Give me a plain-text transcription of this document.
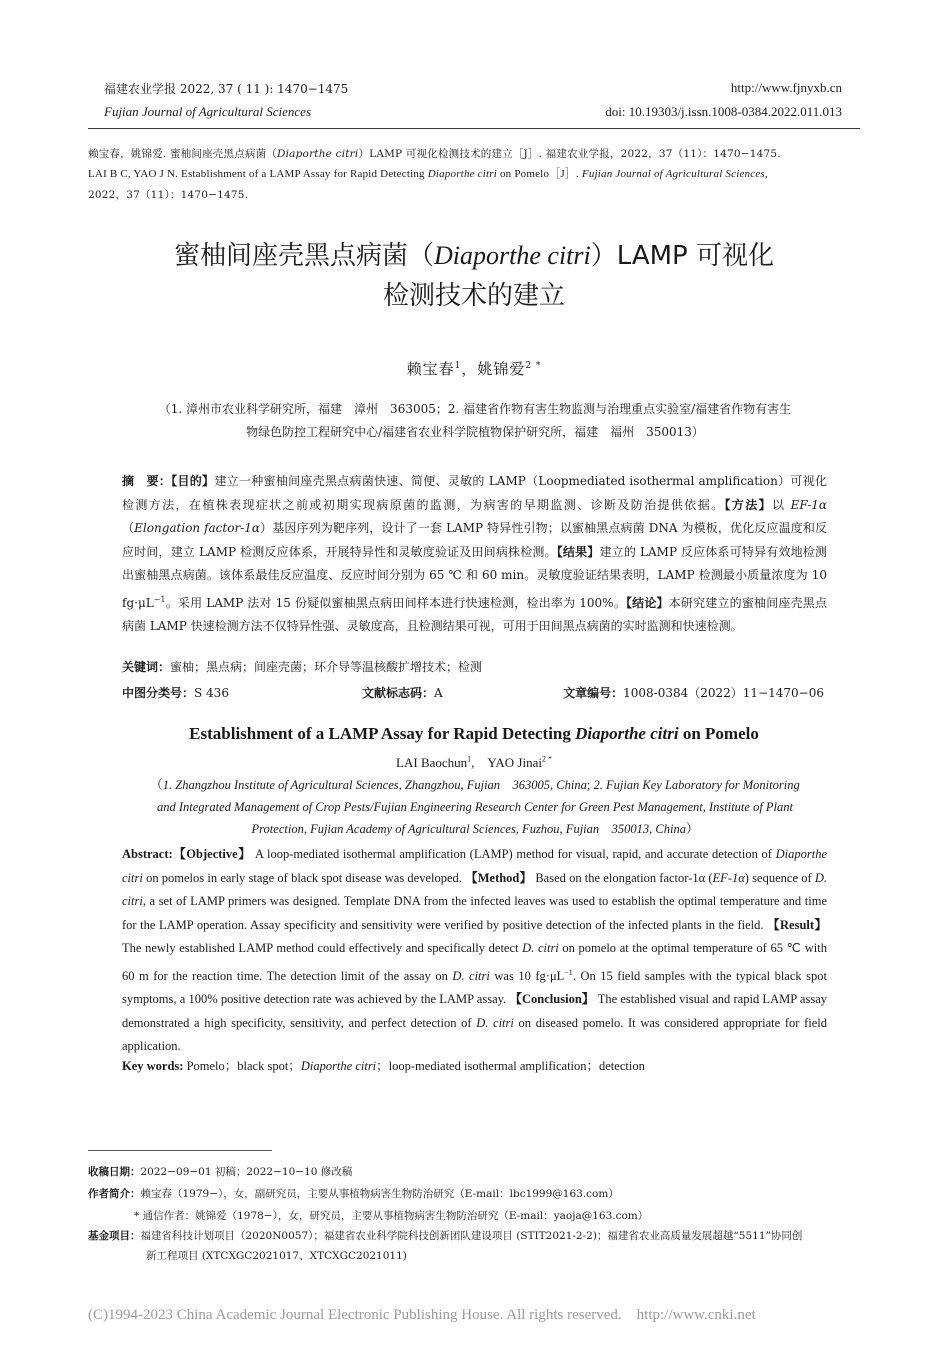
福建农业学报 2022, 37 ( 11 ): 1470−1475
Fujian Journal of Agricultural Sciences
http://www.fjnyxb.cn
doi: 10.19303/j.issn.1008-0384.2022.011.013
赖宝春，姚锦爱. 蜜柚间座壳黑点病菌（Diaporthe citri）LAMP 可视化检测技术的建立［J］. 福建农业学报，2022，37（11）：1470−1475.
LAI B C, YAO J N. Establishment of a LAMP Assay for Rapid Detecting Diaporthe citri on Pomelo［J］. Fujian Journal of Agricultural Sciences,
2022，37（11）：1470−1475.
蜜柚间座壳黑点病菌（Diaporthe citri）LAMP 可视化
检测技术的建立
赖宝春$^1$，姚锦爱$^{2 *}$
（1. 漳州市农业科学研究所，福建　漳州　363005；2. 福建省作物有害生物监测与治理重点实验室/福建省作物有害生
物绿色防控工程研究中心/福建省农业科学院植物保护研究所，福建　福州　350013）
摘　要：【目的】建立一种蜜柚间座壳黑点病菌快速、简便、灵敏的 LAMP（Loopmediated isothermal amplification）可视化检测方法，在植株表现症状之前或初期实现病原菌的监测，为病害的早期监测、诊断及防治提供依据。【方法】以 EF-1α（Elongation factor-1α）基因序列为靶序列，设计了一套 LAMP 特异性引物；以蜜柚黑点病菌 DNA 为模板，优化反应温度和反应时间，建立 LAMP 检测反应体系，开展特异性和灵敏度验证及田间病株检测。【结果】建立的 LAMP 反应体系可特异有效地检测出蜜柚黑点病菌。该体系最佳反应温度、反应时间分别为 65 ℃ 和 60 min。灵敏度验证结果表明，LAMP 检测最小质量浓度为 10 $fg\cdot\mu L^{-1}$。采用 LAMP 法对 15 份疑似蜜柚黑点病田间样本进行快速检测，检出率为 100%。【结论】本研究建立的蜜柚间座壳黑点病菌 LAMP 快速检测方法不仅特异性强、灵敏度高，且检测结果可视，可用于田间黑点病菌的实时监测和快速检测。
关键词：蜜柚；黑点病；间座壳菌；环介导等温核酸扩增技术；检测
中图分类号：S 436	文献标志码：A	文章编号：1008-0384（2022）11−1470−06
Establishment of a LAMP Assay for Rapid Detecting Diaporthe citri on Pomelo
LAI Baochun$^1$,　YAO Jinai$^{2 *}$
（1. Zhangzhou Institute of Agricultural Sciences, Zhangzhou, Fujian　363005, China; 2. Fujian Key Laboratory for Monitoring
and Integrated Management of Crop Pests/Fujian Engineering Research Center for Green Pest Management, Institute of Plant
Protection, Fujian Academy of Agricultural Sciences, Fuzhou, Fujian　350013, China）
Abstract:【Objective】 A loop-mediated isothermal amplification (LAMP) method for visual, rapid, and accurate detection of Diaporthe citri on pomelos in early stage of black spot disease was developed. 【Method】 Based on the elongation factor-1α (EF-1α) sequence of D. citri, a set of LAMP primers was designed. Template DNA from the infected leaves was used to establish the optimal temperature and time for the LAMP operation. Assay specificity and sensitivity were verified by positive detection of the infected plants in the field. 【Result】 The newly established LAMP method could effectively and specifically detect D. citri on pomelo at the optimal temperature of 65 ℃ with 60 m for the reaction time. The detection limit of the assay on D. citri was 10 $fg\cdot\mu L^{-1}$. On 15 field samples with the typical black spot symptoms, a 100% positive detection rate was achieved by the LAMP assay. 【Conclusion】 The established visual and rapid LAMP assay demonstrated a high specificity, sensitivity, and perfect detection of D. citri on diseased pomelo. It was considered appropriate for field application.
Key words: Pomelo；black spot；Diaporthe citri；loop-mediated isothermal amplification；detection
收稿日期：2022−09−01 初稿；2022−10−10 修改稿
作者简介：赖宝春（1979−），女，副研究员，主要从事植物病害生物防治研究（E-mail：lbc1999@163.com）
* 通信作者：姚锦爱（1978−），女，研究员，主要从事植物病害生物防治研究（E-mail：yaoja@163.com）
基金项目：福建省科技计划项目（2020N0057）；福建省农业科学院科技创新团队建设项目 (STIT2021-2-2)；福建省农业高质量发展超越“5511”协同创
新工程项目 (XTCXGC2021017、XTCXGC2021011)
(C)1994-2023 China Academic Journal Electronic Publishing House. All rights reserved.　http://www.cnki.net
